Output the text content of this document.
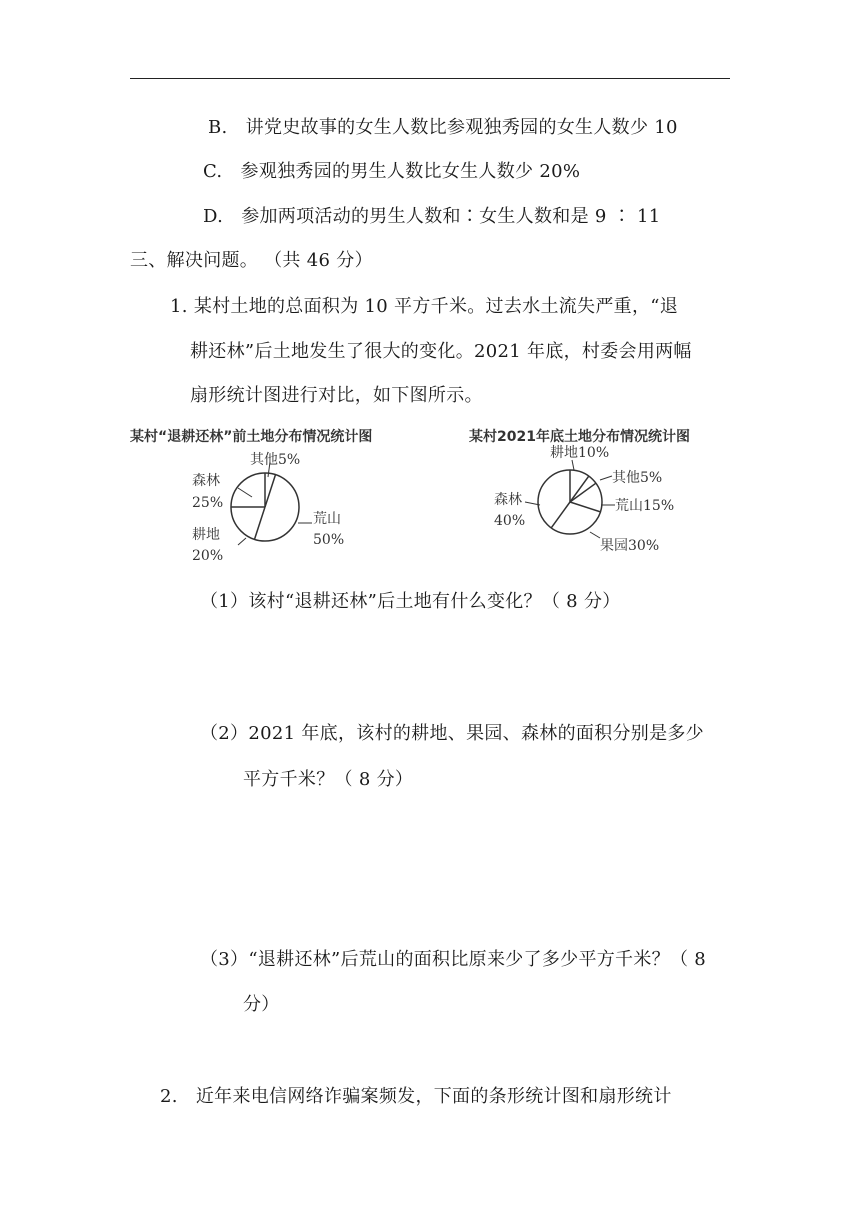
B. 讲党史故事的女生人数比参观独秀园的女生人数少 10
C. 参观独秀园的男生人数比女生人数少 20%
D. 参加两项活动的男生人数和∶女生人数和是 9 ∶ 11
三、解决问题。 （共 46 分）
1. 某村土地的总面积为 10 平方千米。过去水土流失严重，“退
耕还林”后土地发生了很大的变化。2021 年底，村委会用两幅
扇形统计图进行对比，如下图所示。
某村“退耕还林”前土地分布情况统计图	某村2021年底土地分布情况统计图
其他5%
荒山
50%
耕地
20%
森林
25%
耕地10%
其他5%
荒山15%
果园30%
森林
40%
（1）该村“退耕还林”后土地有什么变化？（ 8 分）
（2）2021 年底，该村的耕地、果园、森林的面积分别是多少
平方千米？（ 8 分）
（3）“退耕还林”后荒山的面积比原来少了多少平方千米？（ 8
分）
2. 近年来电信网络诈骗案频发，下面的条形统计图和扇形统计
